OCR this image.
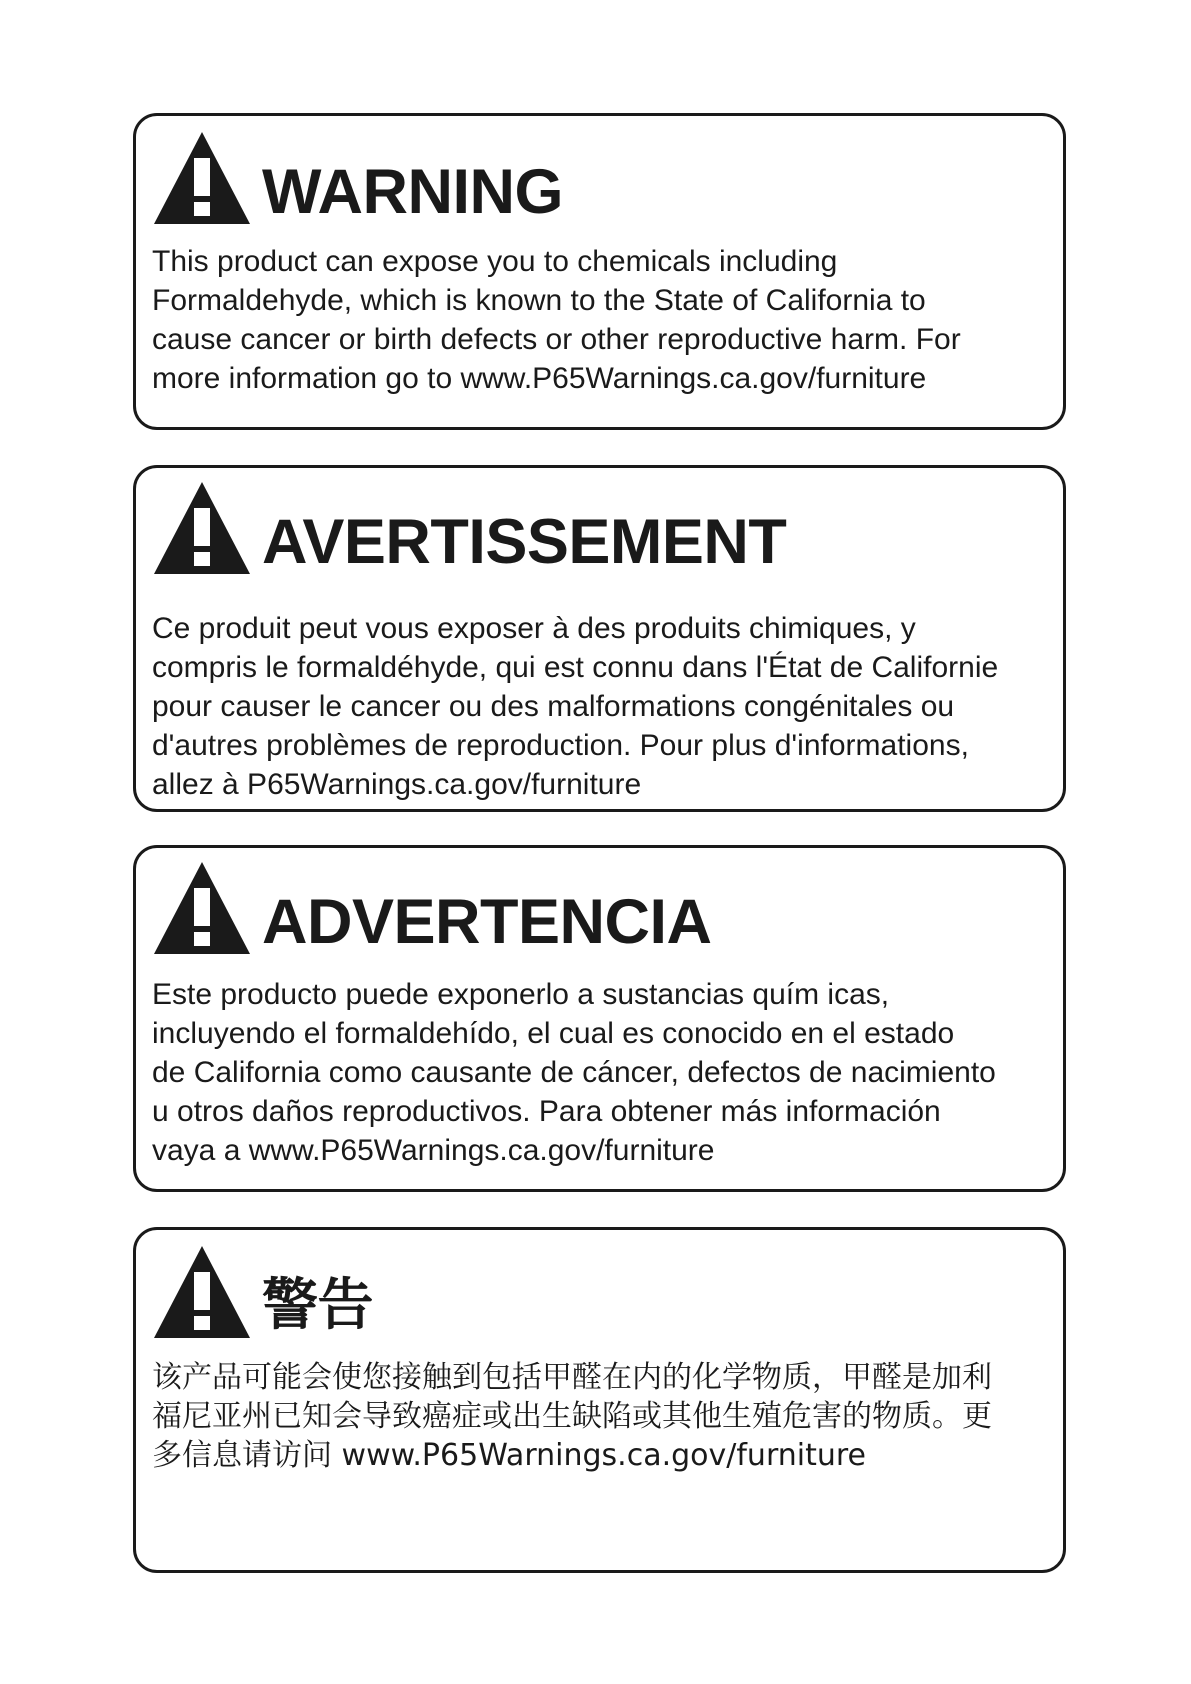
WARNING
This product can expose you to chemicals including
Formaldehyde, which is known to the State of California to
cause cancer or birth defects or other reproductive harm. For
more information go to www.P65Warnings.ca.gov/furniture
AVERTISSEMENT
Ce produit peut vous exposer à des produits chimiques, y
compris le formaldéhyde, qui est connu dans l'État de Californie
pour causer le cancer ou des malformations congénitales ou
d'autres problèmes de reproduction. Pour plus d'informations,
allez à P65Warnings.ca.gov/furniture
ADVERTENCIA
Este producto puede exponerlo a sustancias quím icas,
incluyendo el formaldehído, el cual es conocido en el estado
de California como causante de cáncer, defectos de nacimiento
u otros daños reproductivos. Para obtener más información
vaya a www.P65Warnings.ca.gov/furniture
警告
该产品可能会使您接触到包括甲醛在内的化学物质，甲醛是加利
福尼亚州已知会导致癌症或出生缺陷或其他生殖危害的物质。更
多信息请访问 www.P65Warnings.ca.gov/furniture
